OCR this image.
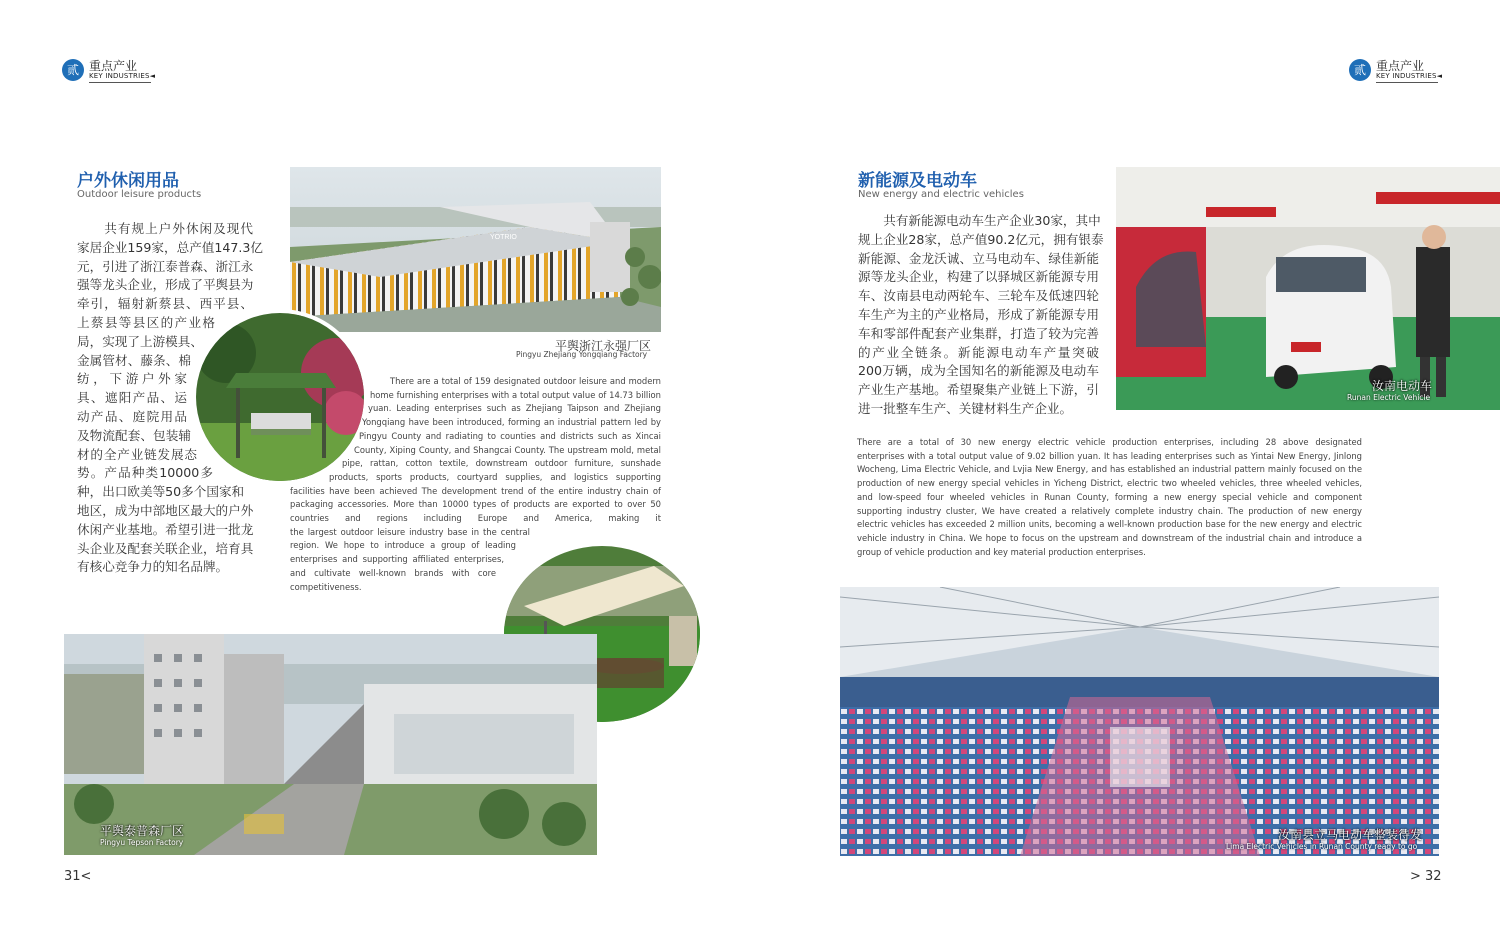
贰 重点产业
KEY INDUSTRIES◄
户外休闲用品
Outdoor leisure products
　　共有规上户外休闲及现代
家居企业159家，总产值147.3亿
元，引进了浙江泰普森、浙江永
强等龙头企业，形成了平舆县为
牵引，辐射新蔡县、西平县、
上蔡县等县区的产业格
局，实现了上游模具、
金属管材、藤条、棉
纺，下游户外家
具、遮阳产品、运
动产品、庭院用品
及物流配套、包装辅
材的全产业链发展态
势。产品种类10000多
种，出口欧美等50多个国家和
地区，成为中部地区最大的户外
休闲产业基地。希望引进一批龙
头企业及配套关联企业，培育具
有核心竞争力的知名品牌。
YOTRIO
平舆浙江永强厂区
Pingyu Zhejiang Yongqiang Factory
There are a total of 159 designated outdoor leisure and modern
home furnishing enterprises with a total output value of 14.73 billion
yuan. Leading enterprises such as Zhejiang Taipson and Zhejiang
Yongqiang have been introduced, forming an industrial pattern led by
Pingyu County and radiating to counties and districts such as Xincai
County, Xiping County, and Shangcai County. The upstream mold, metal
pipe, rattan, cotton textile, downstream outdoor furniture, sunshade
products, sports products, courtyard supplies, and logistics supporting
facilities have been achieved The development trend of the entire industry chain of
packaging accessories. More than 10000 types of products are exported to over 50
countries and regions including Europe and America, making it
the largest outdoor leisure industry base in the central
region. We hope to introduce a group of leading
enterprises and supporting affiliated enterprises,
and cultivate well-known brands with core
competitiveness.
平舆泰普森厂区
Pingyu Tepson Factory
31<
贰 重点产业
KEY INDUSTRIES◄
新能源及电动车
New energy and electric vehicles
　　共有新能源电动车生产企业30家，其中
规上企业28家，总产值90.2亿元，拥有银泰
新能源、金龙沃诚、立马电动车、绿佳新能
源等龙头企业，构建了以驿城区新能源专用
车、汝南县电动两轮车、三轮车及低速四轮
车生产为主的产业格局，形成了新能源专用
车和零部件配套产业集群，打造了较为完善
的产业全链条。新能源电动车产量突破
200万辆，成为全国知名的新能源及电动车
产业生产基地。希望聚集产业链上下游，引
进一批整车生产、关键材料生产企业。
汝南电动车
Runan Electric Vehicle
There are a total of 30 new energy electric vehicle production enterprises, including 28 above designated
enterprises with a total output value of 9.02 billion yuan. It has leading enterprises such as Yintai New Energy, Jinlong
Wocheng, Lima Electric Vehicle, and Lvjia New Energy, and has established an industrial pattern mainly focused on the
production of new energy special vehicles in Yicheng District, electric two wheeled vehicles, three wheeled vehicles,
and low-speed four wheeled vehicles in Runan County, forming a new energy special vehicle and component
supporting industry cluster, We have created a relatively complete industry chain. The production of new energy
electric vehicles has exceeded 2 million units, becoming a well-known production base for the new energy and electric
vehicle industry in China. We hope to focus on the upstream and downstream of the industrial chain and introduce a
group of vehicle production and key material production enterprises.
汝南县立马电动车整装待发
Lima Electric Vehicles in Runan County ready to go
> 32
